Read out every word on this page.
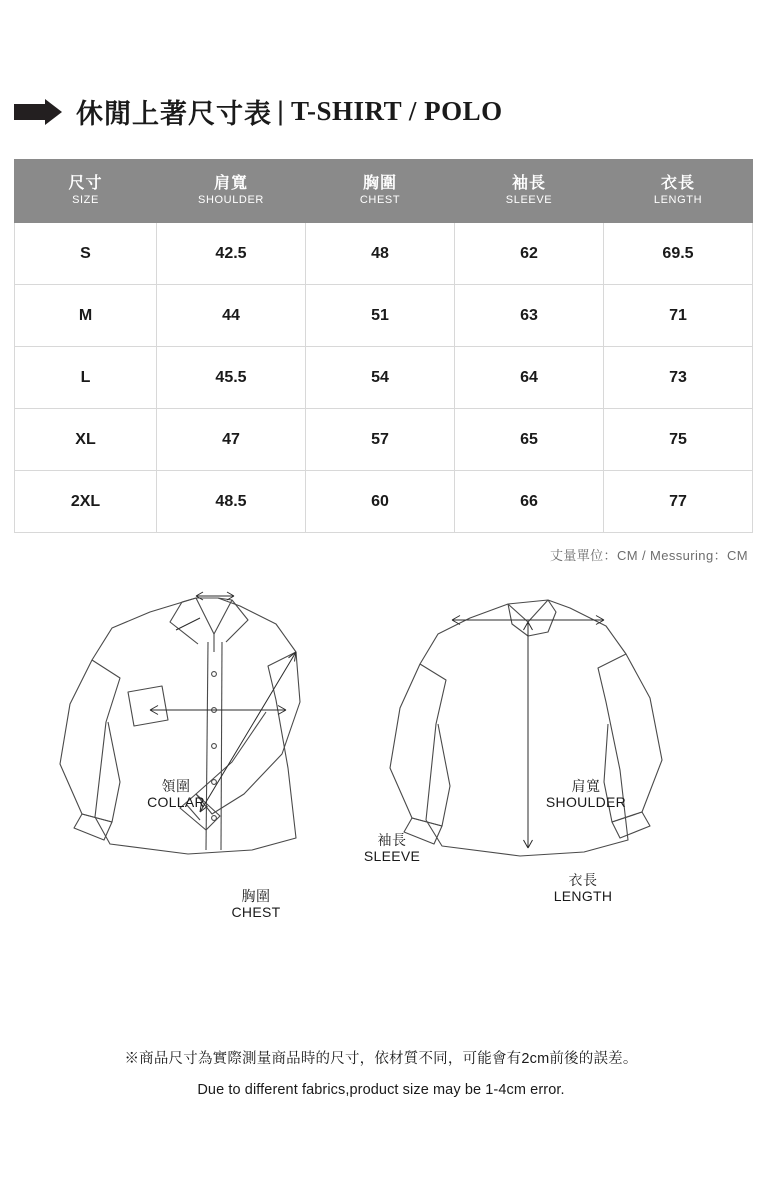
休閒上著尺寸表 | T-SHIRT / POLO
尺寸
SIZE

肩寬
SHOULDER

胸圍
CHEST

袖長
SLEEVE

衣長
LENGTH

S	42.5	48	62	69.5
M	44	51	63	71
L	45.5	54	64	73
XL	47	57	65	75
2XL	48.5	60	66	77
丈量單位：CM / Messuring：CM
領圍
COLLAR
胸圍
CHEST
袖長
SLEEVE
肩寬
SHOULDER
衣長
LENGTH
※商品尺寸為實際測量商品時的尺寸，依材質不同，可能會有2cm前後的誤差。
Due to different fabrics,product size may be 1-4cm error.
